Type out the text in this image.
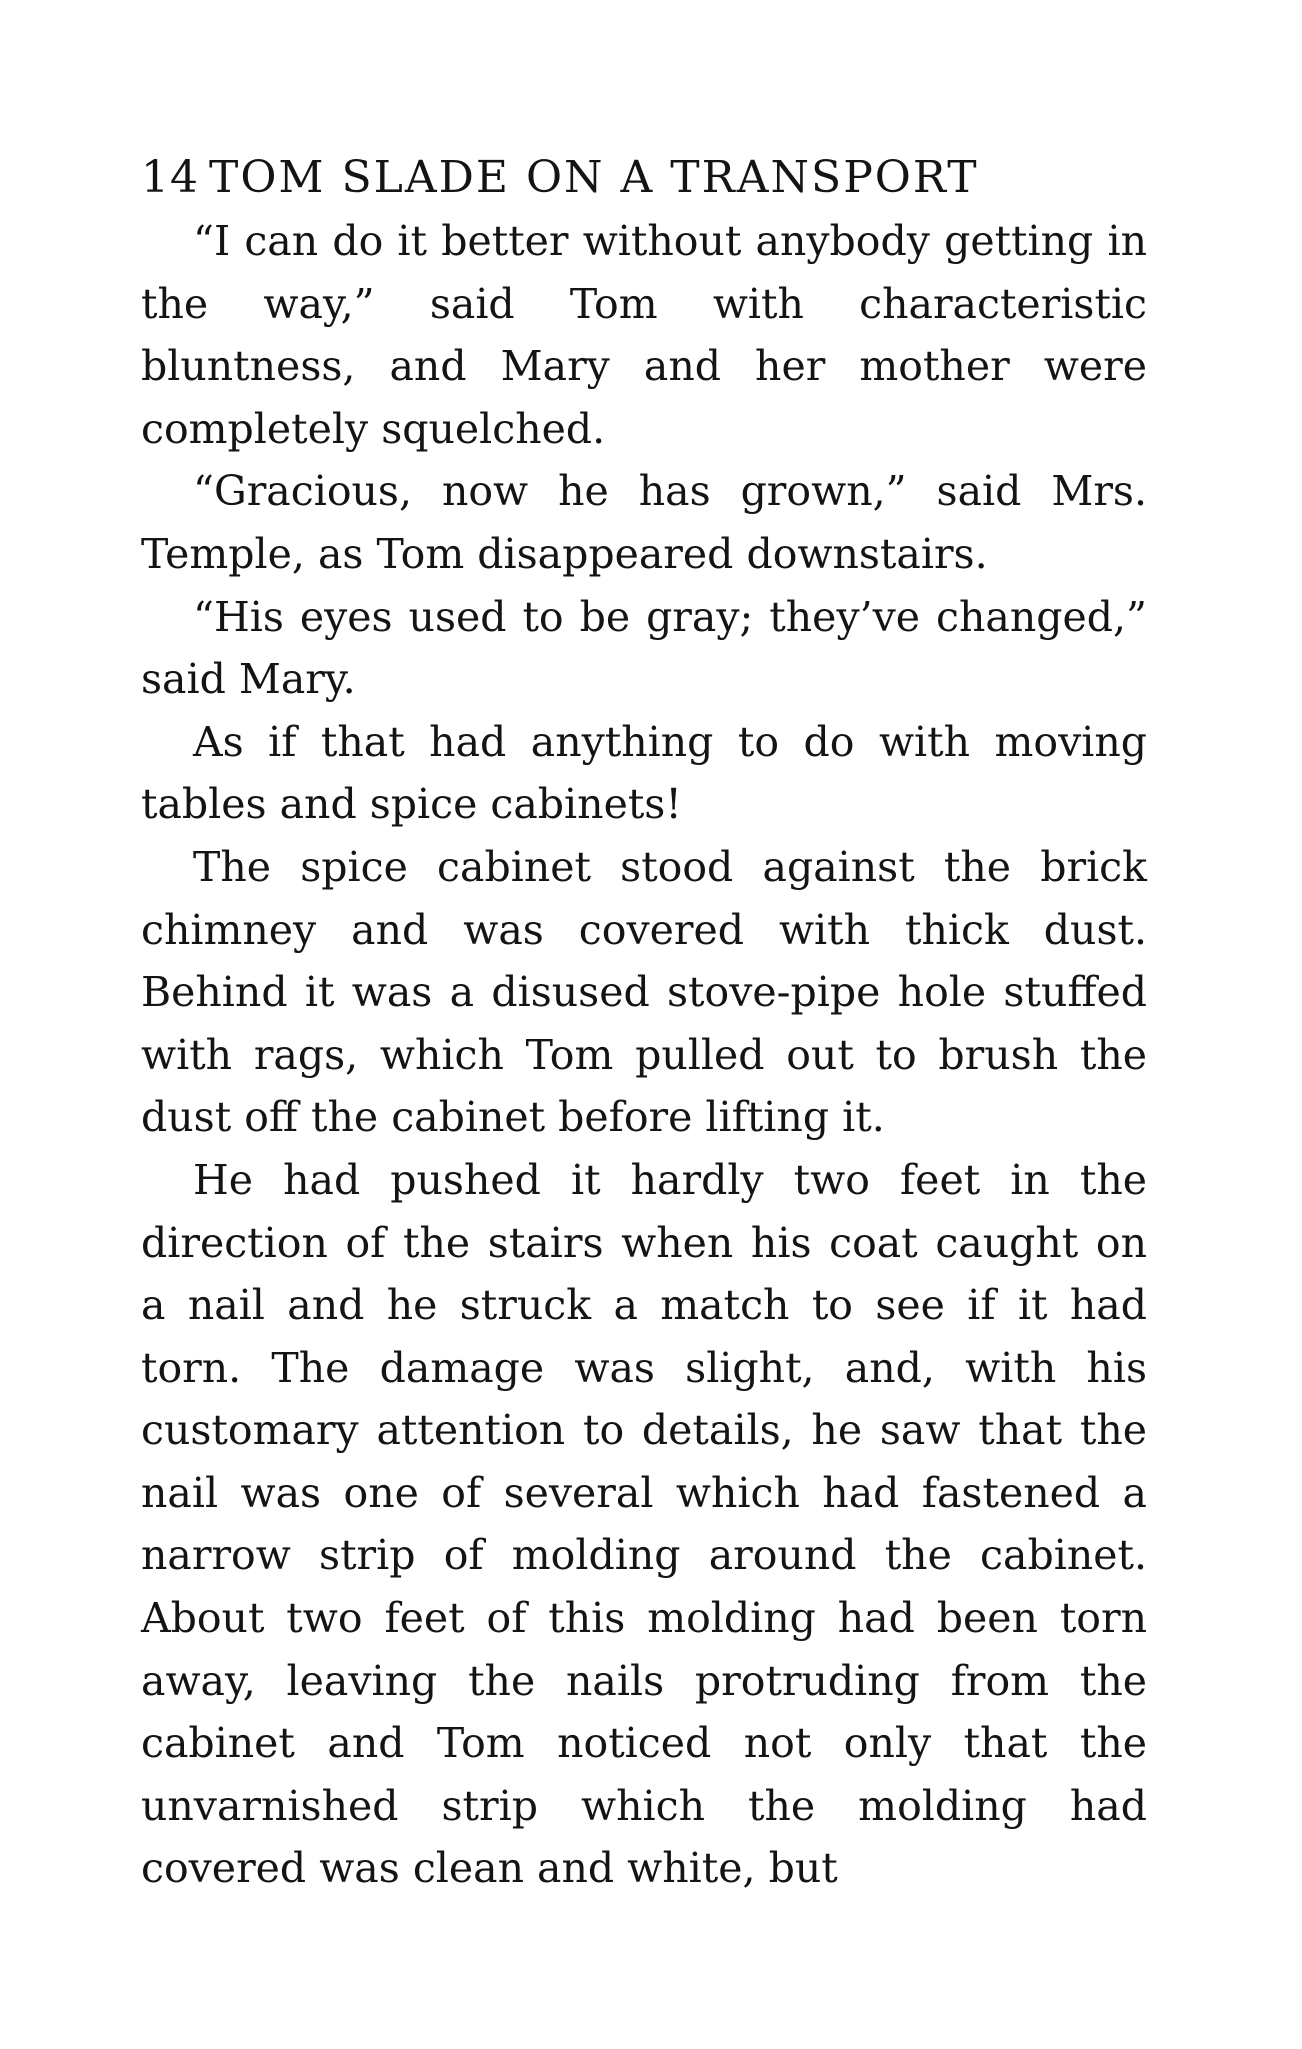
14 TOM SLADE ON A TRANSPORT

“I can do it better without anybody getting in the way,” said Tom with characteristic bluntness, and Mary and her mother were completely squelched.

“Gracious, now he has grown,” said Mrs. Temple, as Tom disappeared downstairs.

“His eyes used to be gray; they’ve changed,” said Mary.

As if that had anything to do with moving tables and spice cabinets!

The spice cabinet stood against the brick chimney and was covered with thick dust. Behind it was a disused stove-pipe hole stuffed with rags, which Tom pulled out to brush the dust off the cabinet before lifting it.

He had pushed it hardly two feet in the direction of the stairs when his coat caught on a nail and he struck a match to see if it had torn. The damage was slight, and, with his customary attention to details, he saw that the nail was one of several which had fastened a narrow strip of molding around the cabinet. About two feet of this molding had been torn away, leaving the nails protruding from the cabinet and Tom noticed not only that the unvarnished strip which the molding had covered was clean and white, but
